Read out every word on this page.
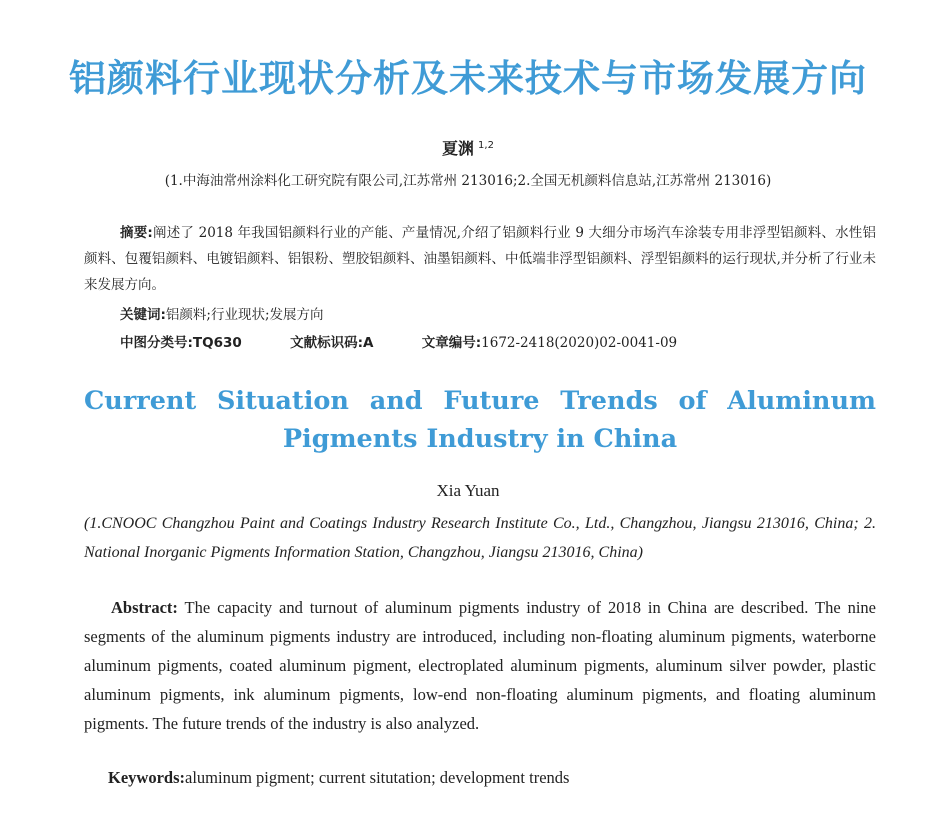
铝颜料行业现状分析及未来技术与市场发展方向
夏渊 $^{1,2}$
(1.中海油常州涂料化工研究院有限公司,江苏常州 213016;2.全国无机颜料信息站,江苏常州 213016)
摘要:阐述了 2018 年我国铝颜料行业的产能、产量情况,介绍了铝颜料行业 9 大细分市场汽车涂装专用非浮型铝颜料、水性铝颜料、包覆铝颜料、电镀铝颜料、铝银粉、塑胶铝颜料、油墨铝颜料、中低端非浮型铝颜料、浮型铝颜料的运行现状,并分析了行业未来发展方向。
关键词:铝颜料;行业现状;发展方向
中图分类号:TQ630	文献标识码:A	文章编号:1672-2418(2020)02-0041-09
Current Situation and Future Trends of Aluminum
Pigments Industry in China
Xia Yuan
(1.CNOOC Changzhou Paint and Coatings Industry Research Institute Co., Ltd., Changzhou, Jiangsu 213016, China; 2. National Inorganic Pigments Information Station, Changzhou, Jiangsu 213016, China)
Abstract: The capacity and turnout of aluminum pigments industry of 2018 in China are described. The nine segments of the aluminum pigments industry are introduced, including non-floating aluminum pigments, waterborne aluminum pigments, coated aluminum pigment, electroplated aluminum pigments, aluminum silver powder, plastic aluminum pigments, ink aluminum pigments, low-end non-floating aluminum pigments, and floating aluminum pigments. The future trends of the industry is also analyzed.
Keywords:aluminum pigment; current situtation; development trends
